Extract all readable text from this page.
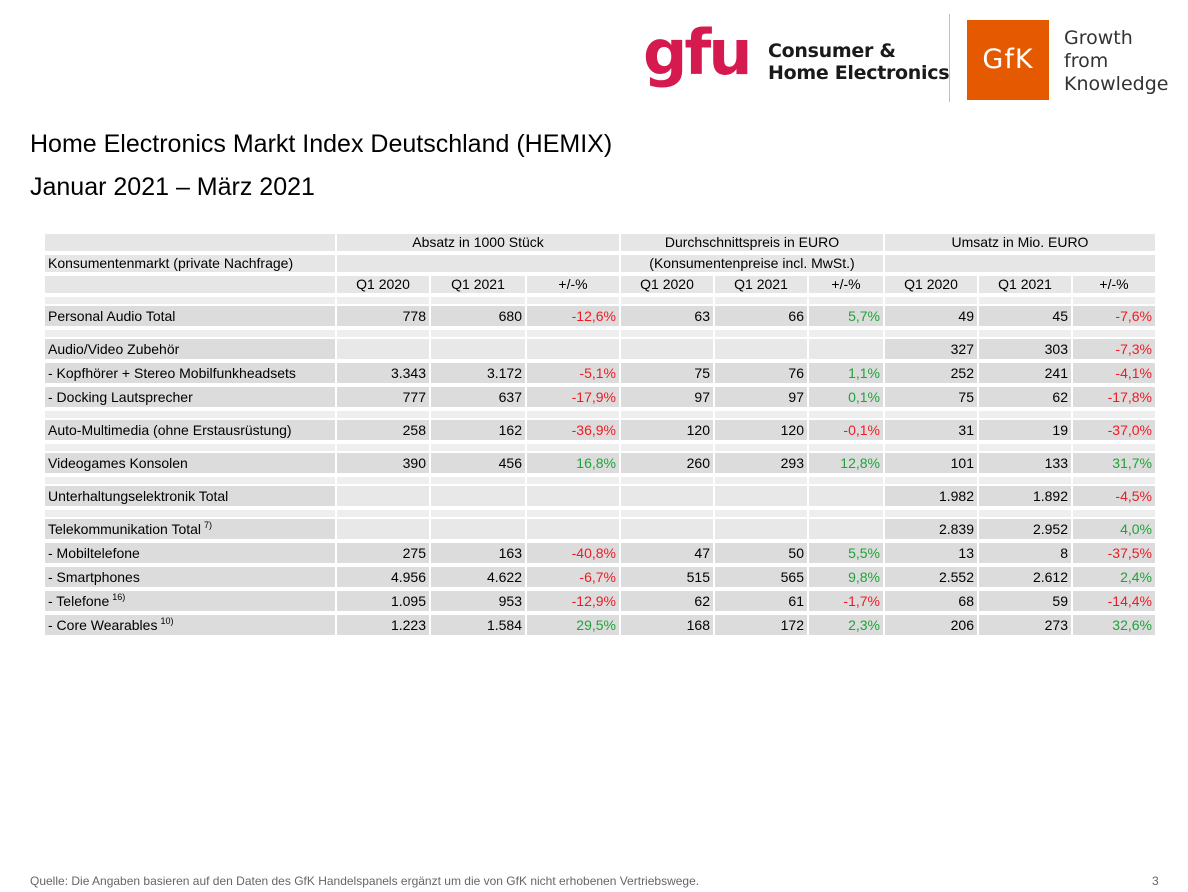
gfu Consumer &
Home Electronics	GfK
Growth
from
Knowledge
Home Electronics Markt Index Deutschland (HEMIX)
Januar 2021 – März 2021
	Absatz in 1000 Stück			Durchschnittspreis in EURO			Umsatz in Mio. EURO		
Konsumentenmarkt (private Nachfrage)				(Konsumentenpreise incl. MwSt.)					
	Q1 2020	Q1 2021	+/-%	Q1 2020	Q1 2021	+/-%	Q1 2020	Q1 2021	+/-%

Personal Audio Total	778	680	-12,6%	63	66	5,7%	49	45	-7,6%

Audio/Video Zubehör							327	303	-7,3%
- Kopfhörer + Stereo Mobilfunkheadsets	3.343	3.172	-5,1%	75	76	1,1%	252	241	-4,1%
- Docking Lautsprecher	777	637	-17,9%	97	97	0,1%	75	62	-17,8%

Auto-Multimedia (ohne Erstausrüstung)	258	162	-36,9%	120	120	-0,1%	31	19	-37,0%

Videogames Konsolen	390	456	16,8%	260	293	12,8%	101	133	31,7%

Unterhaltungselektronik Total							1.982	1.892	-4,5%

Telekommunikation Total $^{7)}$							2.839	2.952	4,0%
- Mobiltelefone	275	163	-40,8%	47	50	5,5%	13	8	-37,5%
- Smartphones	4.956	4.622	-6,7%	515	565	9,8%	2.552	2.612	2,4%
- Telefone $^{16)}$	1.095	953	-12,9%	62	61	-1,7%	68	59	-14,4%
- Core Wearables $^{10)}$	1.223	1.584	29,5%	168	172	2,3%	206	273	32,6%
Quelle: Die Angaben basieren auf den Daten des GfK Handelspanels ergänzt um die von GfK nicht erhobenen Vertriebswege.	3
